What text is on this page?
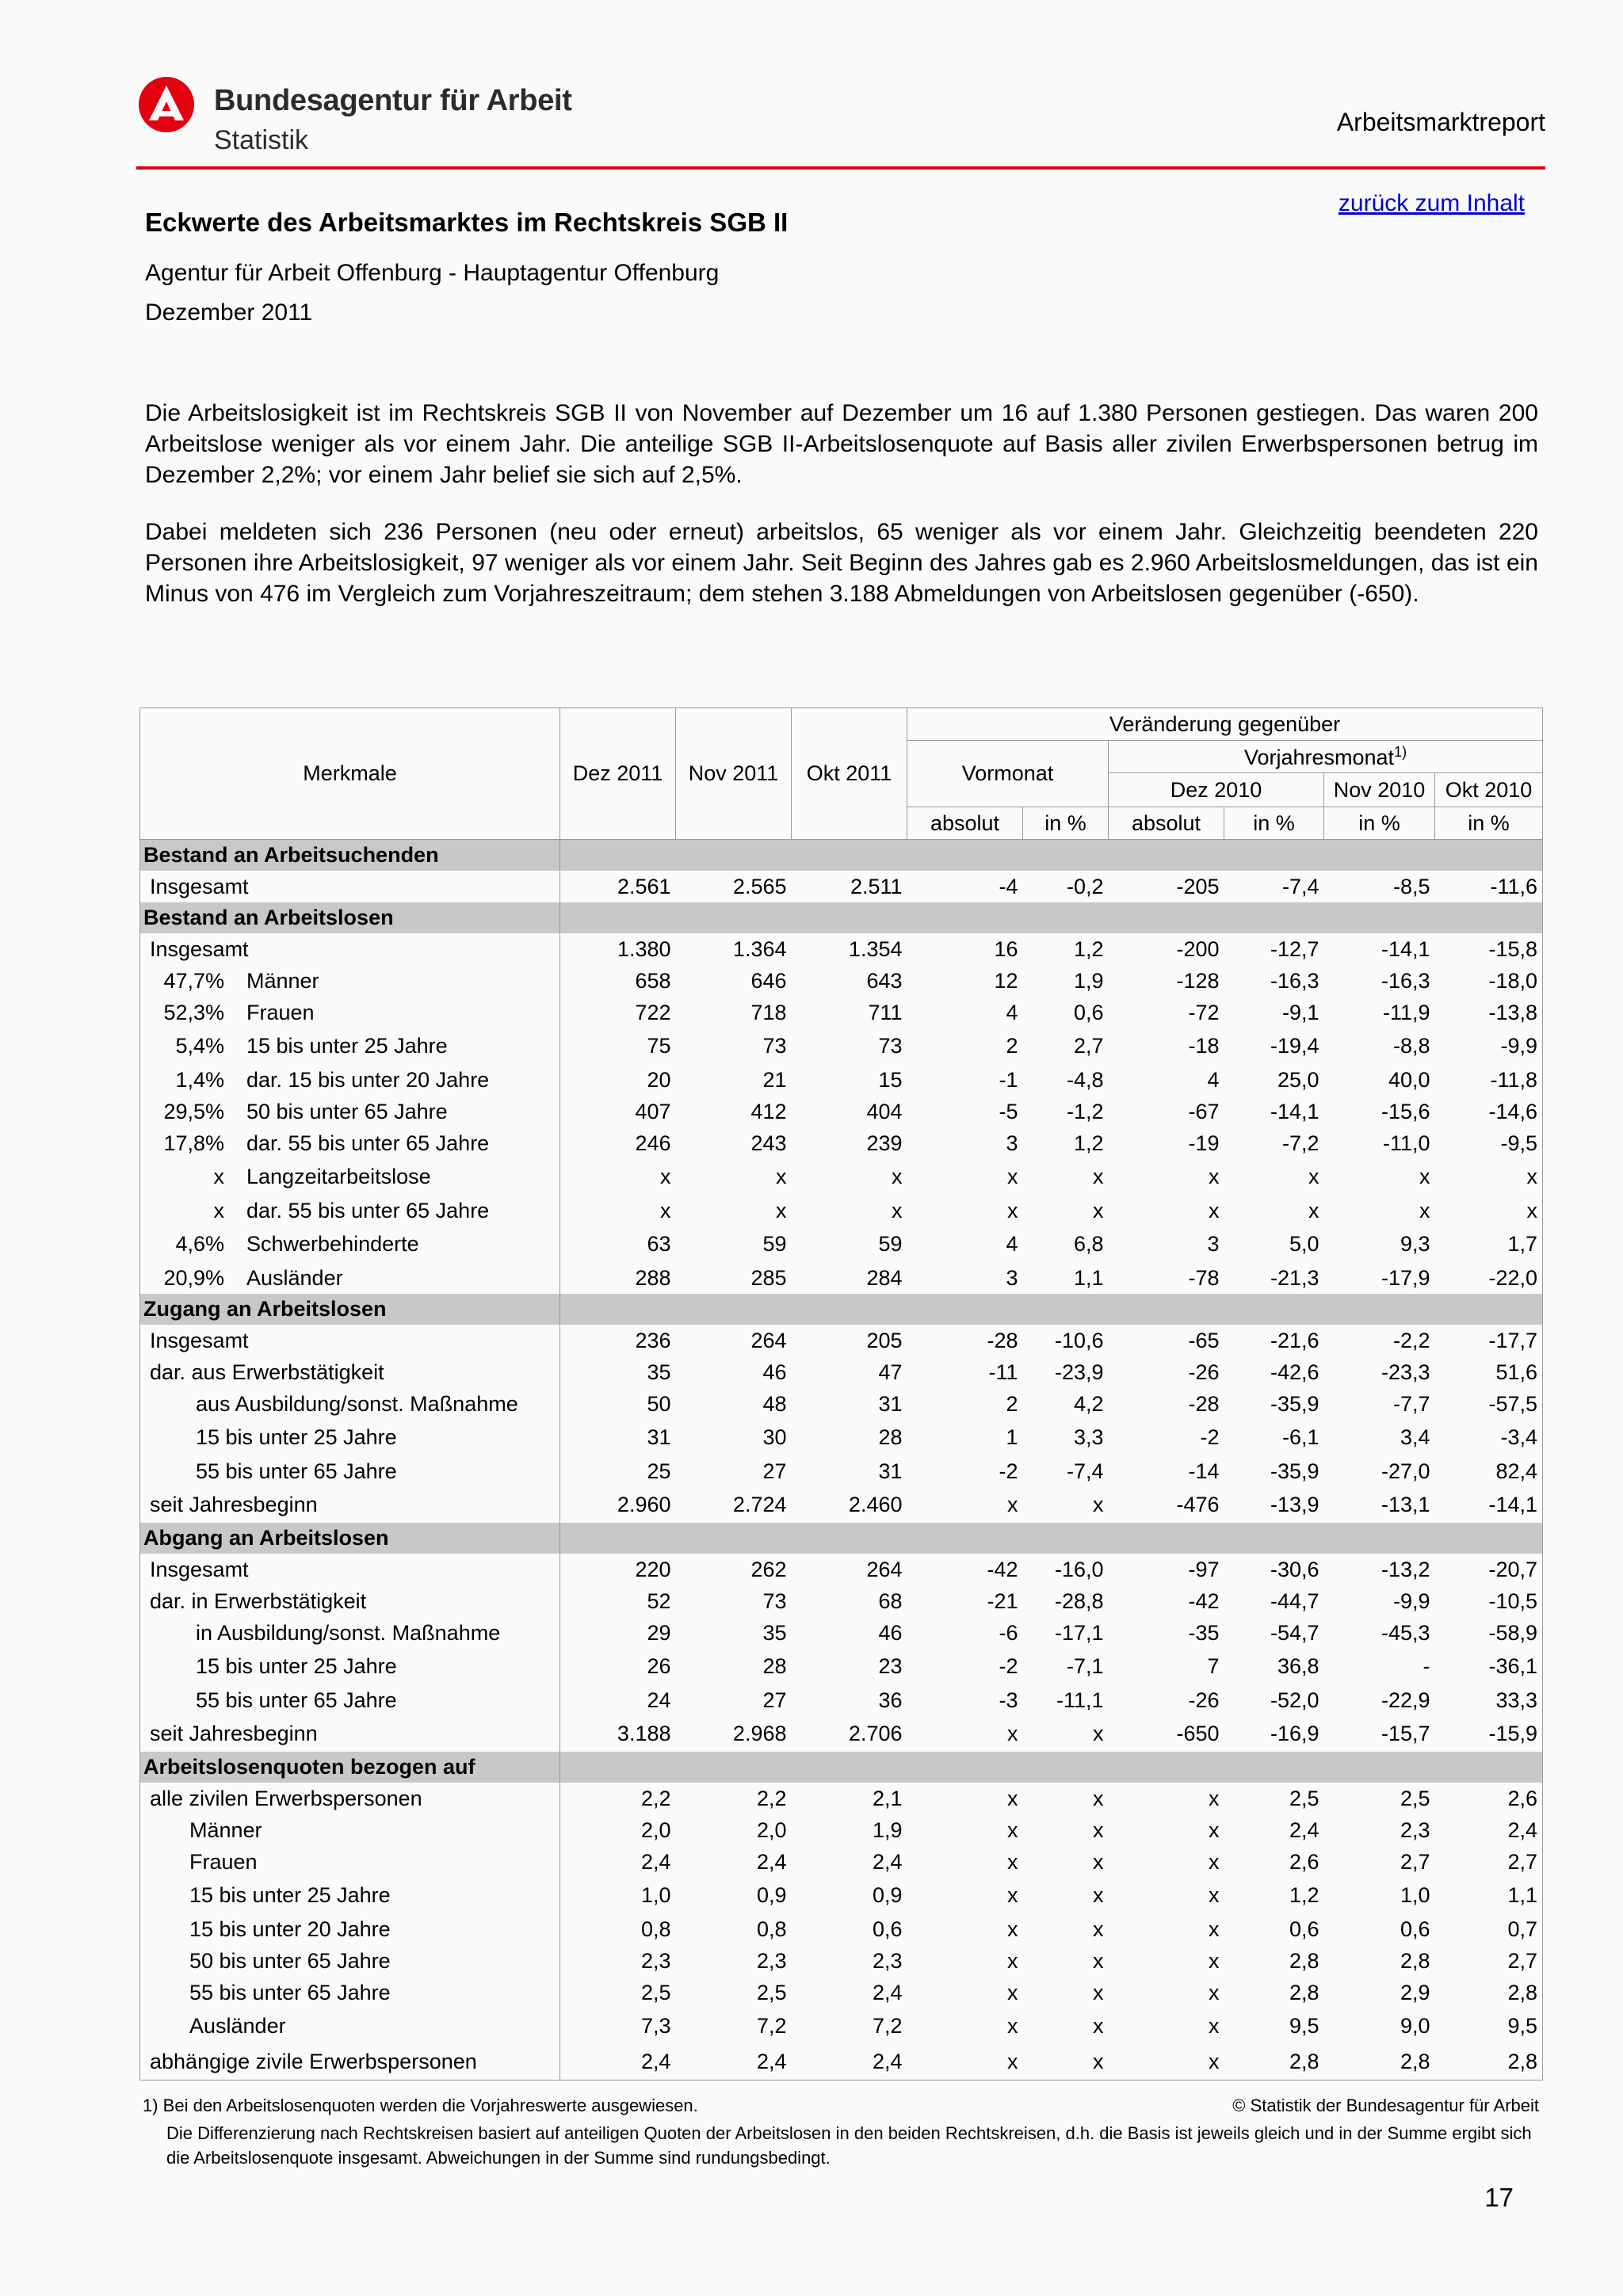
Bundesagentur für Arbeit
Statistik
Arbeitsmarktreport
zurück zum Inhalt
Eckwerte des Arbeitsmarktes im Rechtskreis SGB II
Agentur für Arbeit Offenburg - Hauptagentur Offenburg
Dezember 2011
Die Arbeitslosigkeit ist im Rechtskreis SGB II von November auf Dezember um 16 auf 1.380 Personen gestiegen. Das waren 200 Arbeitslose weniger als vor einem Jahr. Die anteilige SGB II-Arbeitslosenquote auf Basis aller zivilen Erwerbspersonen betrug im Dezember 2,2%; vor einem Jahr belief sie sich auf 2,5%.
Dabei meldeten sich 236 Personen (neu oder erneut) arbeitslos, 65 weniger als vor einem Jahr. Gleichzeitig beendeten 220 Personen ihre Arbeitslosigkeit, 97 weniger als vor einem Jahr. Seit Beginn des Jahres gab es 2.960 Arbeitslosmeldungen, das ist ein Minus von 476 im Vergleich zum Vorjahreszeitraum; dem stehen 3.188 Abmeldungen von Arbeitslosen gegenüber (-650).
Merkmale	Dez 2011	Nov 2011	Okt 2011	Veränderung gegenüber					
				Vormonat		Vorjahresmonat$^{1)}$
						Dez 2010		Nov 2010	Okt 2010
				absolut	in %	absolut	in %	in %	in %
Bestand an Arbeitsuchenden									
Insgesamt	2.561	2.565	2.511	-4	-0,2	-205	-7,4	-8,5	-11,6
Bestand an Arbeitslosen									
Insgesamt	1.380	1.364	1.354	16	1,2	-200	-12,7	-14,1	-15,8
47,7% Männer	658	646	643	12	1,9	-128	-16,3	-16,3	-18,0
52,3% Frauen	722	718	711	4	0,6	-72	-9,1	-11,9	-13,8
5,4% 15 bis unter 25 Jahre	75	73	73	2	2,7	-18	-19,4	-8,8	-9,9
1,4% dar. 15 bis unter 20 Jahre	20	21	15	-1	-4,8	4	25,0	40,0	-11,8
29,5% 50 bis unter 65 Jahre	407	412	404	-5	-1,2	-67	-14,1	-15,6	-14,6
17,8% dar. 55 bis unter 65 Jahre	246	243	239	3	1,2	-19	-7,2	-11,0	-9,5
x Langzeitarbeitslose	x	x	x	x	x	x	x	x	x
x dar. 55 bis unter 65 Jahre	x	x	x	x	x	x	x	x	x
4,6% Schwerbehinderte	63	59	59	4	6,8	3	5,0	9,3	1,7
20,9% Ausländer	288	285	284	3	1,1	-78	-21,3	-17,9	-22,0
Zugang an Arbeitslosen									
Insgesamt	236	264	205	-28	-10,6	-65	-21,6	-2,2	-17,7
dar. aus Erwerbstätigkeit	35	46	47	-11	-23,9	-26	-42,6	-23,3	51,6
aus Ausbildung/sonst. Maßnahme	50	48	31	2	4,2	-28	-35,9	-7,7	-57,5
15 bis unter 25 Jahre	31	30	28	1	3,3	-2	-6,1	3,4	-3,4
55 bis unter 65 Jahre	25	27	31	-2	-7,4	-14	-35,9	-27,0	82,4
seit Jahresbeginn	2.960	2.724	2.460	x	x	-476	-13,9	-13,1	-14,1
Abgang an Arbeitslosen									
Insgesamt	220	262	264	-42	-16,0	-97	-30,6	-13,2	-20,7
dar. in Erwerbstätigkeit	52	73	68	-21	-28,8	-42	-44,7	-9,9	-10,5
in Ausbildung/sonst. Maßnahme	29	35	46	-6	-17,1	-35	-54,7	-45,3	-58,9
15 bis unter 25 Jahre	26	28	23	-2	-7,1	7	36,8	-	-36,1
55 bis unter 65 Jahre	24	27	36	-3	-11,1	-26	-52,0	-22,9	33,3
seit Jahresbeginn	3.188	2.968	2.706	x	x	-650	-16,9	-15,7	-15,9
Arbeitslosenquoten bezogen auf									
alle zivilen Erwerbspersonen	2,2	2,2	2,1	x	x	x	2,5	2,5	2,6
Männer	2,0	2,0	1,9	x	x	x	2,4	2,3	2,4
Frauen	2,4	2,4	2,4	x	x	x	2,6	2,7	2,7
15 bis unter 25 Jahre	1,0	0,9	0,9	x	x	x	1,2	1,0	1,1
15 bis unter 20 Jahre	0,8	0,8	0,6	x	x	x	0,6	0,6	0,7
50 bis unter 65 Jahre	2,3	2,3	2,3	x	x	x	2,8	2,8	2,7
55 bis unter 65 Jahre	2,5	2,5	2,4	x	x	x	2,8	2,9	2,8
Ausländer	7,3	7,2	7,2	x	x	x	9,5	9,0	9,5
abhängige zivile Erwerbspersonen	2,4	2,4	2,4	x	x	x	2,8	2,8	2,8
1) Bei den Arbeitslosenquoten werden die Vorjahreswerte ausgewiesen.	© Statistik der Bundesagentur für Arbeit
Die Differenzierung nach Rechtskreisen basiert auf anteiligen Quoten der Arbeitslosen in den beiden Rechtskreisen, d.h. die Basis ist jeweils gleich und in der Summe ergibt sich die Arbeitslosenquote insgesamt. Abweichungen in der Summe sind rundungsbedingt.
17
